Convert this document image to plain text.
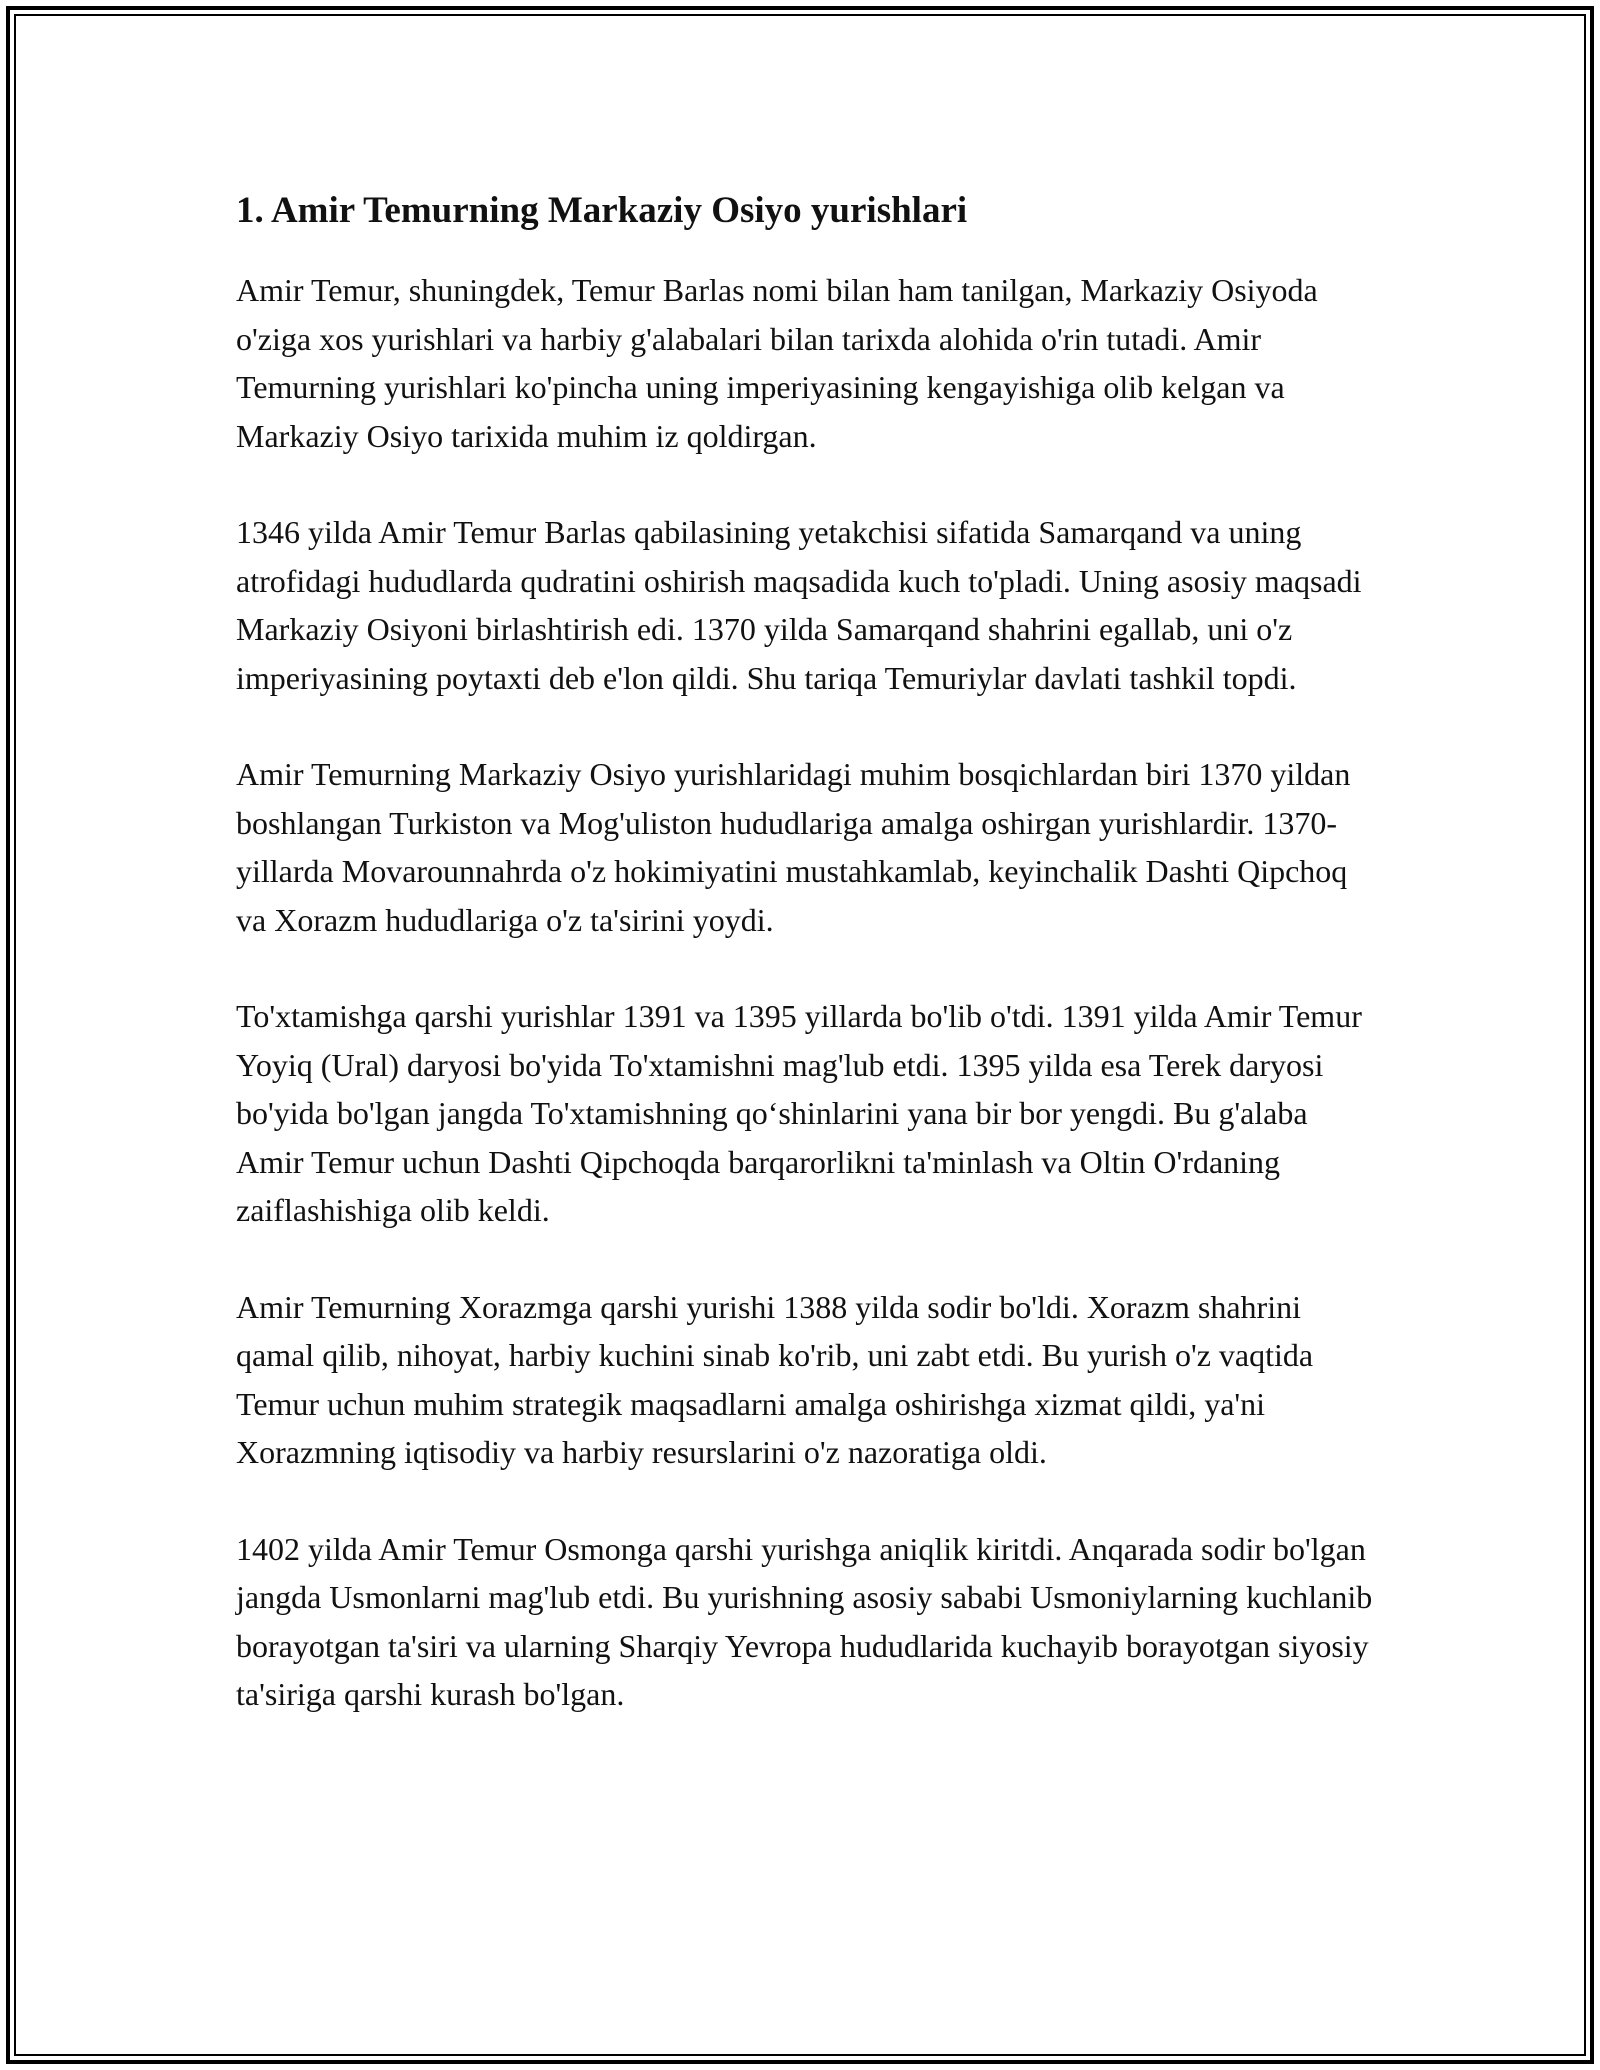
1. Amir Temurning Markaziy Osiyo yurishlari

Amir Temur, shuningdek, Temur Barlas nomi bilan ham tanilgan, Markaziy Osiyoda o'ziga xos yurishlari va harbiy g'alabalari bilan tarixda alohida o'rin tutadi. Amir Temurning yurishlari ko'pincha uning imperiyasining kengayishiga olib kelgan va Markaziy Osiyo tarixida muhim iz qoldirgan.

1346 yilda Amir Temur Barlas qabilasining yetakchisi sifatida Samarqand va uning atrofidagi hududlarda qudratini oshirish maqsadida kuch to'pladi. Uning asosiy maqsadi Markaziy Osiyoni birlashtirish edi. 1370 yilda Samarqand shahrini egallab, uni o'z imperiyasining poytaxti deb e'lon qildi. Shu tariqa Temuriylar davlati tashkil topdi.

Amir Temurning Markaziy Osiyo yurishlaridagi muhim bosqichlardan biri 1370 yildan boshlangan Turkiston va Mog'uliston hududlariga amalga oshirgan yurishlardir. 1370-yillarda Movarounnahrda o'z hokimiyatini mustahkamlab, keyinchalik Dashti Qipchoq va Xorazm hududlariga o'z ta'sirini yoydi.

To'xtamishga qarshi yurishlar 1391 va 1395 yillarda bo'lib o'tdi. 1391 yilda Amir Temur Yoyiq (Ural) daryosi bo'yida To'xtamishni mag'lub etdi. 1395 yilda esa Terek daryosi bo'yida bo'lgan jangda To'xtamishning qo‘shinlarini yana bir bor yengdi. Bu g'alaba Amir Temur uchun Dashti Qipchoqda barqarorlikni ta'minlash va Oltin O'rdaning zaiflashishiga olib keldi.

Amir Temurning Xorazmga qarshi yurishi 1388 yilda sodir bo'ldi. Xorazm shahrini qamal qilib, nihoyat, harbiy kuchini sinab ko'rib, uni zabt etdi. Bu yurish o'z vaqtida Temur uchun muhim strategik maqsadlarni amalga oshirishga xizmat qildi, ya'ni Xorazmning iqtisodiy va harbiy resurslarini o'z nazoratiga oldi.

1402 yilda Amir Temur Osmonga qarshi yurishga aniqlik kiritdi. Anqarada sodir bo'lgan jangda Usmonlarni mag'lub etdi. Bu yurishning asosiy sababi Usmoniylarning kuchlanib borayotgan ta'siri va ularning Sharqiy Yevropa hududlarida kuchayib borayotgan siyosiy ta'siriga qarshi kurash bo'lgan.
